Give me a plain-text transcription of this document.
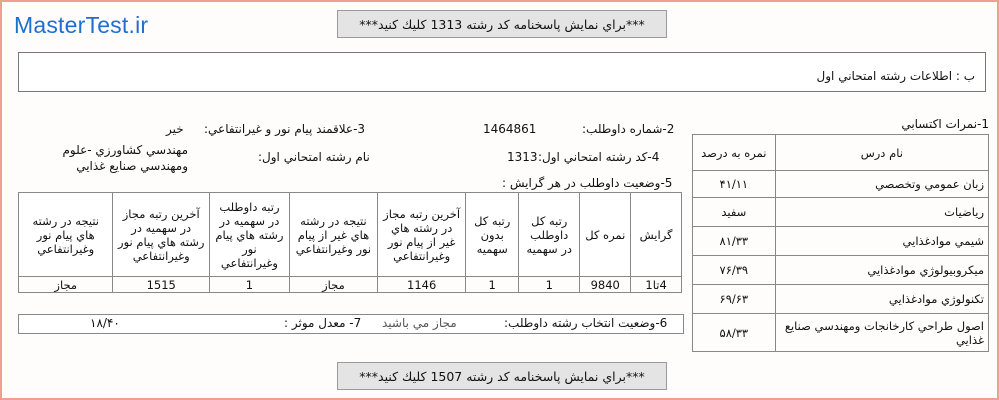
MasterTest.ir	***براي نمايش پاسخنامه كد رشته 1313 كليك كنيد***
ب : اطلاعات رشته امتحاني اول
1-نمرات اكتسابي
نام درس	نمره به درصد
زبان عمومي وتخصصي	۴۱/۱۱
رياضيات	سفيد
شيمي موادغذايي	۸۱/۳۳
ميكروبيولوژي موادغذايي	۷۶/۳۹
تكنولوژي موادغذايي	۶۹/۶۳
اصول طراحي كارخانجات ومهندسي صنايع غذايي	۵۸/۳۳
2-شماره داوطلب:
1464861
3-علاقمند پيام نور و غيرانتفاعي:
خير
4-كد رشته امتحاني اول:
1313
نام رشته امتحاني اول:
مهندسي كشاورزي -علوم
ومهندسي صنايع غذايي
5-وضعيت داوطلب در هر گرايش :
گرايش	نمره كل	رتبه كل داوطلب در سهميه	رتبه كل بدون سهميه	آخرين رتبه مجاز در رشته هاي غير از پيام نور وغيرانتفاعي	نتيجه در رشته هاي غير از پيام نور وغيرانتفاعي	رتبه داوطلب در سهميه در رشته هاي پيام نور وغيرانتفاعي	آخرين رتبه مجاز در سهميه در رشته هاي پيام نور وغيرانتفاعي	نتيجه در رشته هاي پيام نور وغيرانتفاعي
4تا1	9840	1	1	1146	مجاز	1	1515	مجاز
6-وضعيت انتخاب رشته داوطلب:
مجاز مي باشيد
7- معدل موثر :
۱۸/۴۰
***براي نمايش پاسخنامه كد رشته 1507 كليك كنيد***
